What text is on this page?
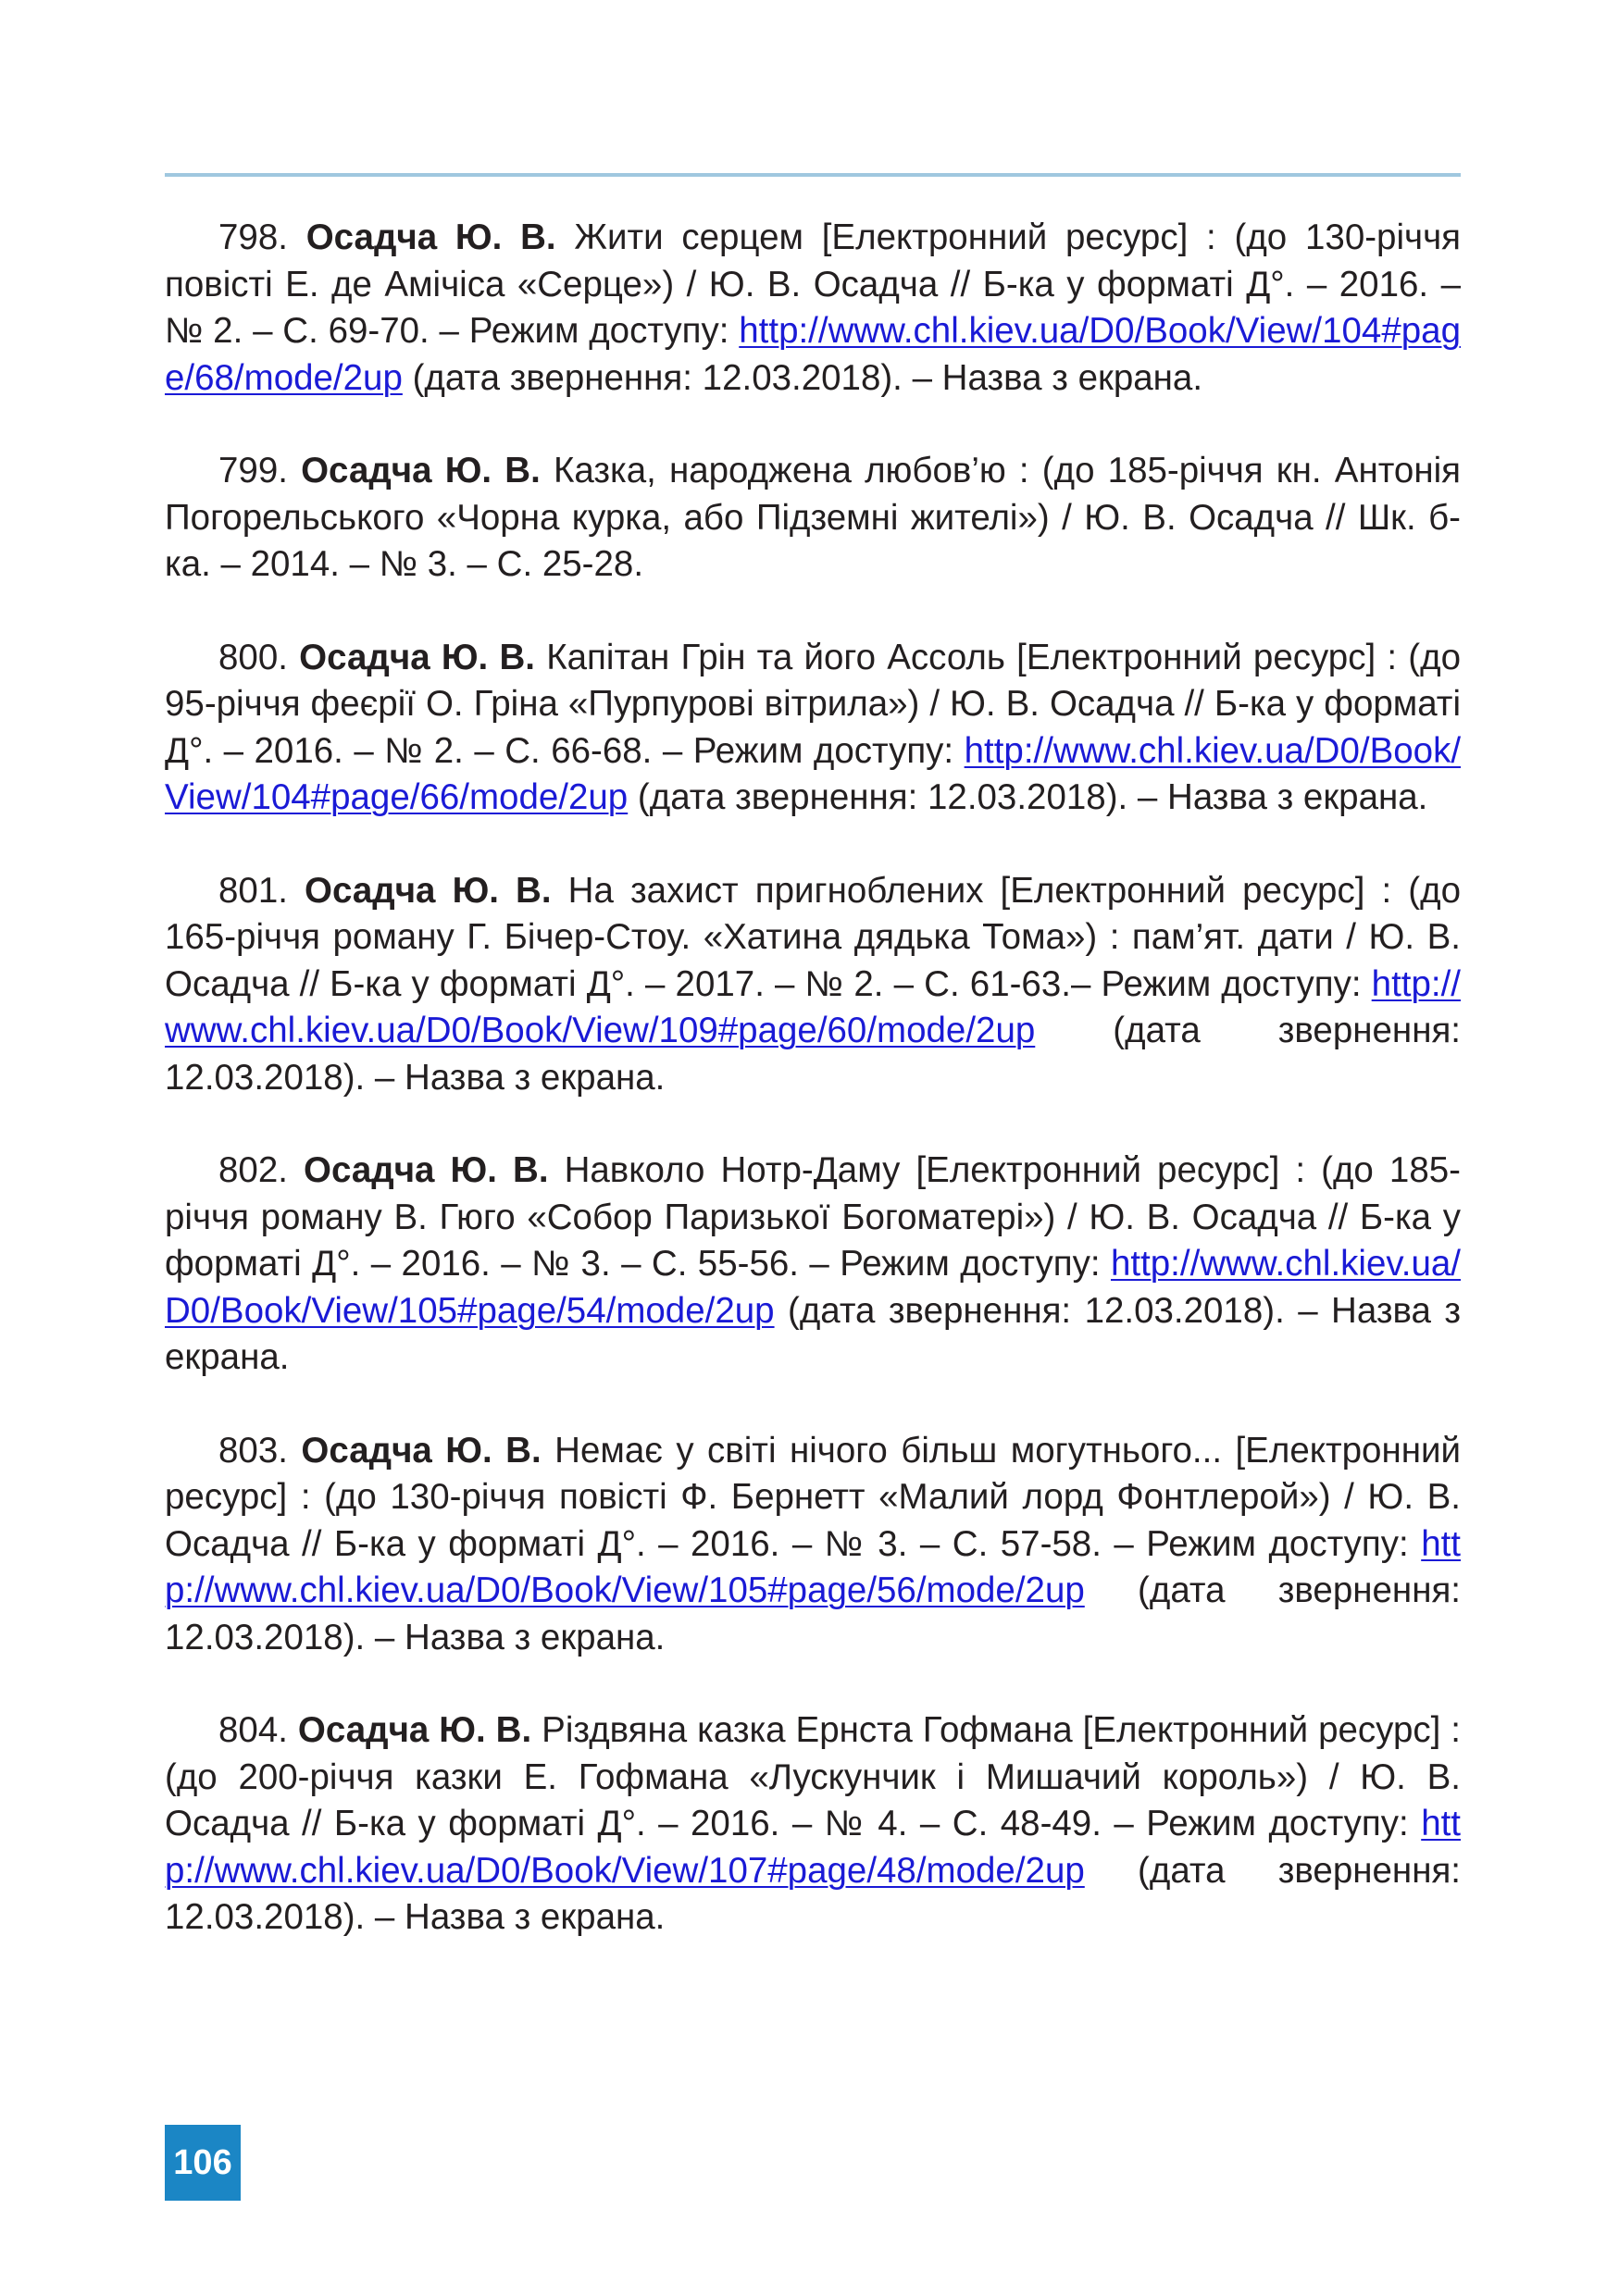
798. Осадча Ю. В. Жити серцем [Електронний ресурс] : (до 130-річчя повісті Е. де Амічіса «Серце») / Ю. В. Осадча // Б-ка у форматі Д°. – 2016. – № 2. – С. 69-70. – Режим доступу: http://www.chl.kiev.ua/D0/Book/View/104#page/68/mode/2up (дата звернення: 12.03.2018). – Назва з екрана.

799. Осадча Ю. В. Казка, народжена любов’ю : (до 185-річчя кн. Антонія Погорельського «Чорна курка, або Підземні жителі») / Ю. В. Осадча // Шк. б-ка. – 2014. – № 3. – С. 25-28.

800. Осадча Ю. В. Капітан Грін та його Ассоль [Електронний ресурс] : (до 95-річчя феєрії О. Гріна «Пурпурові вітрила») / Ю. В. Осадча // Б-ка у форматі Д°. – 2016. – № 2. – С. 66-68. – Режим доступу: http://www.chl.kiev.ua/D0/Book/View/104#page/66/mode/2up (дата звернення: 12.03.2018). – Назва з екрана.

801. Осадча Ю. В. На захист пригноблених [Електронний ресурс] : (до 165-річчя роману Г. Бічер-Стоу. «Хатина дядька Тома») : пам’ят. дати / Ю. В. Осадча // Б-ка у форматі Д°. – 2017. – № 2. – С. 61-63.– Режим доступу: http://www.chl.kiev.ua/D0/Book/View/109#page/60/mode/2up (дата звернення: 12.03.2018). – Назва з екрана.

802. Осадча Ю. В. Навколо Нотр-Даму [Електронний ресурс] : (до 185-річчя роману В. Гюго «Собор Паризької Богоматері») / Ю. В. Осадча // Б-ка у форматі Д°. – 2016. – № 3. – С. 55-56. – Режим доступу: http://www.chl.kiev.ua/D0/Book/View/105#page/54/mode/2up (дата звернення: 12.03.2018). – Назва з екрана.

803. Осадча Ю. В. Немає у світі нічого більш могутнього... [Електронний ресурс] : (до 130-річчя повісті Ф. Бернетт «Малий лорд Фонтлерой») / Ю. В. Осадча // Б-ка у форматі Д°. – 2016. – № 3. – С. 57-58. – Режим доступу: http://www.chl.kiev.ua/D0/Book/View/105#page/56/mode/2up (дата звернення: 12.03.2018). – Назва з екрана.

804. Осадча Ю. В. Різдвяна казка Ернста Гофмана [Електронний ресурс] : (до 200-річчя казки Е. Гофмана «Лускунчик і Мишачий король») / Ю. В. Осадча // Б-ка у форматі Д°. – 2016. – № 4. – С. 48-49. – Режим доступу: http://www.chl.kiev.ua/D0/Book/View/107#page/48/mode/2up (дата звернення: 12.03.2018). – Назва з екрана.

106
